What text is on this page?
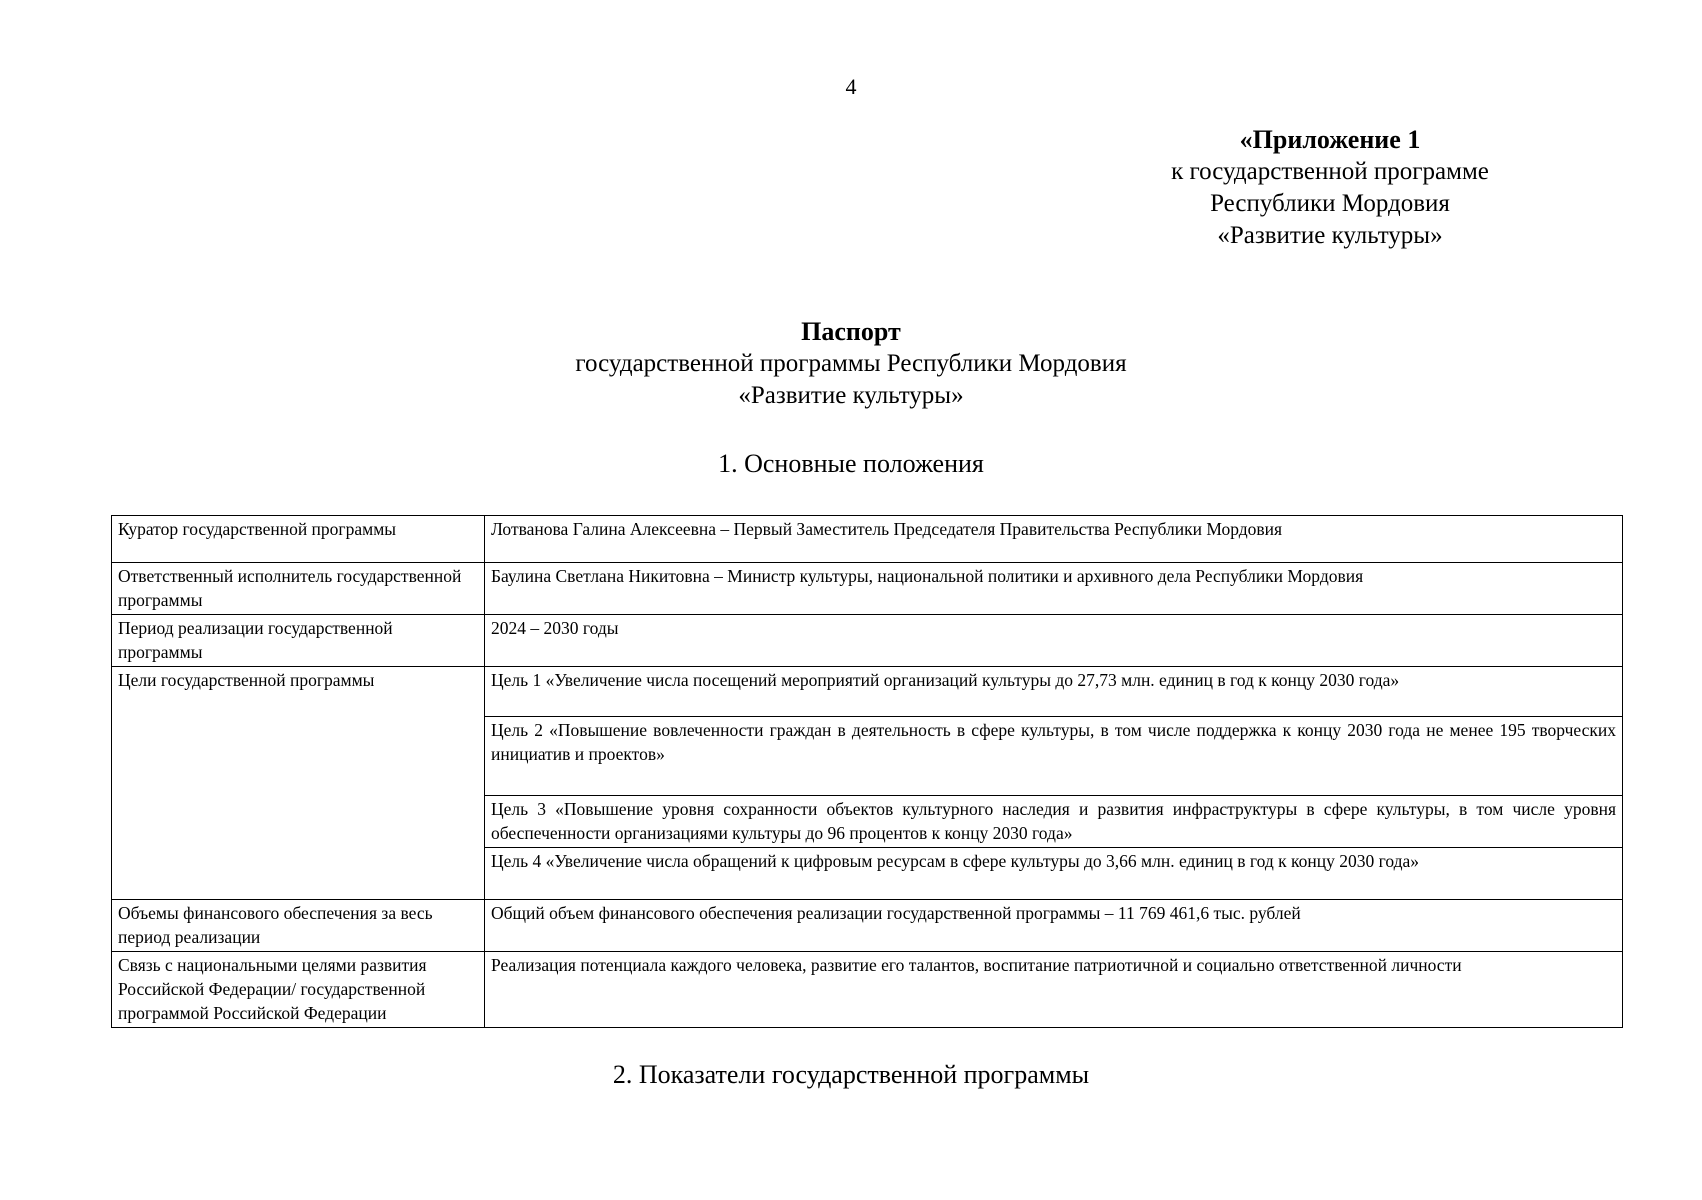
4
«Приложение 1
к государственной программе
Республики Мордовия
«Развитие культуры»
Паспорт
государственной программы Республики Мордовия
«Развитие культуры»
1. Основные положения
Куратор государственной программы	Лотванова Галина Алексеевна – Первый Заместитель Председателя Правительства Республики Мордовия
Ответственный исполнитель государственной программы	Баулина Светлана Никитовна – Министр культуры, национальной политики и архивного дела Республики Мордовия
Период реализации государственной программы	2024 – 2030 годы
Цели государственной программы	Цель 1 «Увеличение числа посещений мероприятий организаций культуры до 27,73 млн. единиц в год к концу 2030 года»
	Цель 2 «Повышение вовлеченности граждан в деятельность в сфере культуры, в том числе поддержка к концу 2030 года не менее 195 творческих инициатив и проектов»
	Цель 3 «Повышение уровня сохранности объектов культурного наследия и развития инфраструктуры в сфере культуры, в том числе уровня обеспеченности организациями культуры до 96 процентов к концу 2030 года»
	Цель 4 «Увеличение числа обращений к цифровым ресурсам в сфере культуры до 3,66 млн. единиц в год к концу 2030 года»
Объемы финансового обеспечения за весь период реализации	Общий объем финансового обеспечения реализации государственной программы – 11 769 461,6 тыс. рублей
Связь с национальными целями развития Российской Федерации/ государственной программой Российской Федерации	Реализация потенциала каждого человека, развитие его талантов, воспитание патриотичной и социально ответственной личности
2. Показатели государственной программы
